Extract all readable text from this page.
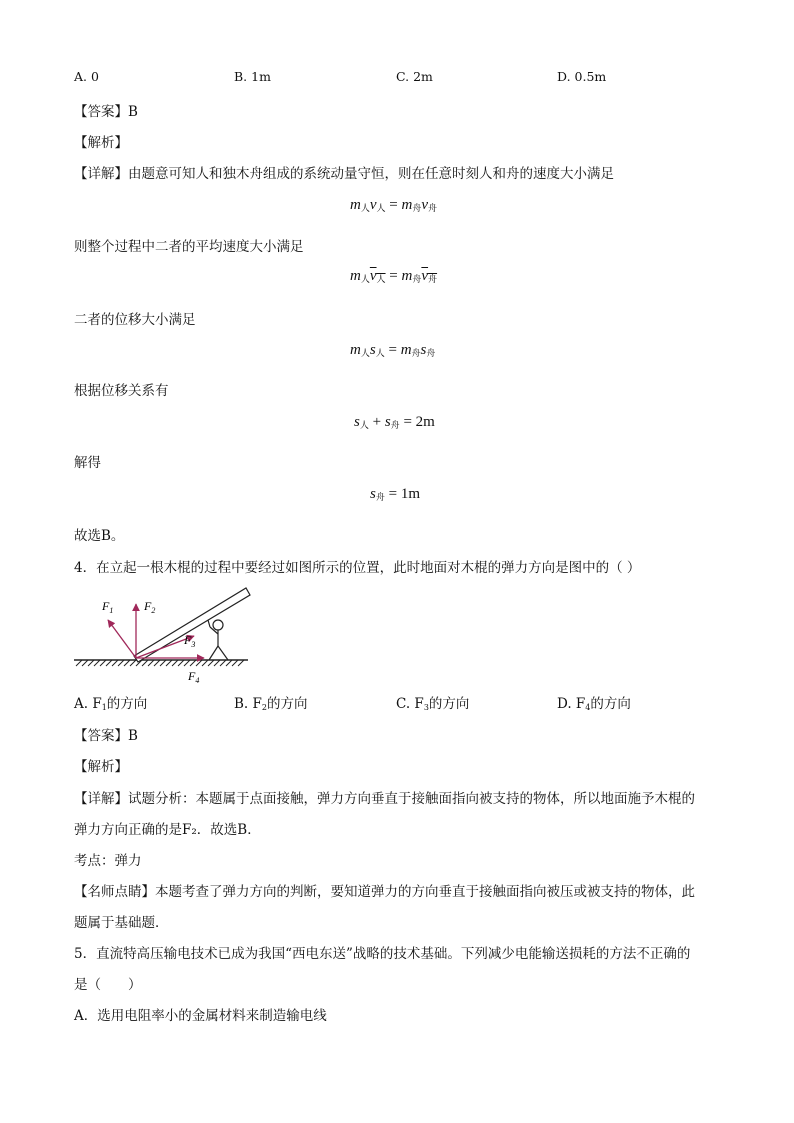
A. 0	B. 1m	C. 2m	D. 0.5m
【答案】B
【解析】
【详解】由题意可知人和独木舟组成的系统动量守恒，则在任意时刻人和舟的速度大小满足
$m_人v_人 = m_舟v_舟$
则整个过程中二者的平均速度大小满足
$m_人v_人 = m_舟v_舟$
二者的位移大小满足
$m_人s_人 = m_舟s_舟$
根据位移关系有
$s_人 + s_舟 = 2m$
解得
$s_舟 = 1m$
故选B。
4．在立起一根木棍的过程中要经过如图所示的位置，此时地面对木棍的弹力方向是图中的（ ）
$F_1$	$F_2$
$F_3$
$F_4$
A. F1的方向	B. F2的方向	C. F3的方向	D. F4的方向
【答案】B
【解析】
【详解】试题分析：本题属于点面接触，弹力方向垂直于接触面指向被支持的物体，所以地面施予木棍的
弹力方向正确的是F₂．故选B．
考点：弹力
【名师点睛】本题考查了弹力方向的判断，要知道弹力的方向垂直于接触面指向被压或被支持的物体，此
题属于基础题．
5．直流特高压输电技术已成为我国“西电东送”战略的技术基础。下列减少电能输送损耗的方法不正确的
是（　　）
A．选用电阻率小的金属材料来制造输电线
